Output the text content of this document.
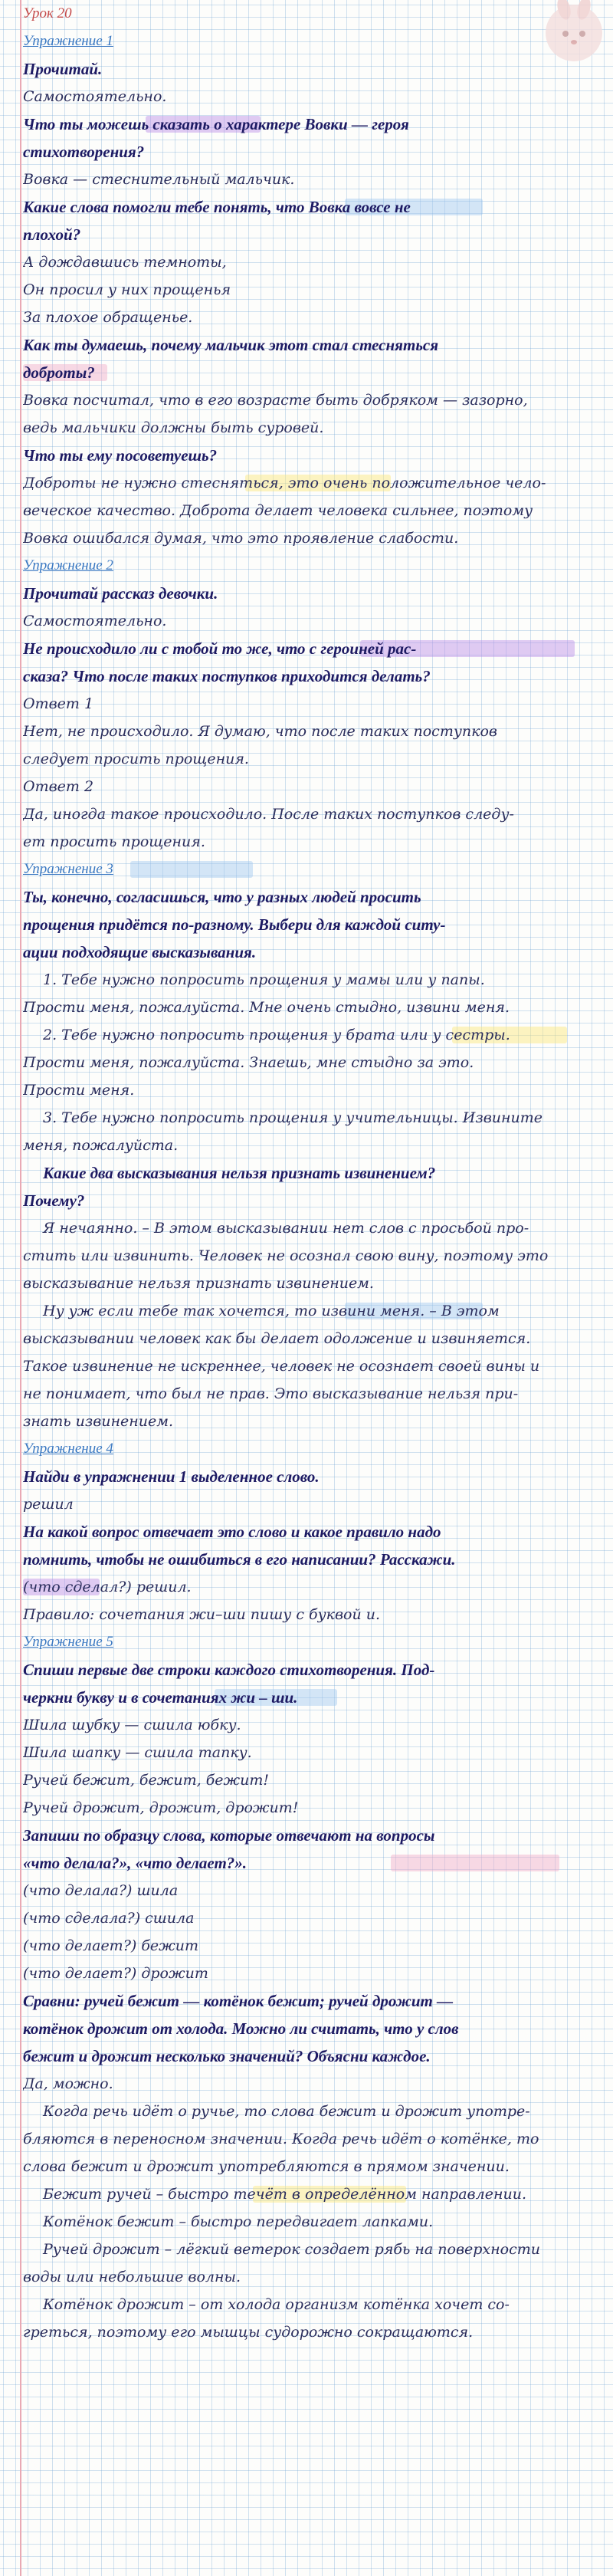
Урок 20
Упражнение 1
Прочитай.
Самостоятельно.
Что ты можешь сказать о характере Вовки — героя
стихотворения?
Вовка — стеснительный мальчик.
Какие слова помогли тебе понять, что Вовка вовсе не
плохой?
А дождавшись темноты,
Он просил у них прощенья
За плохое обращенье.
Как ты думаешь, почему мальчик этот стал стесняться
доброты?
Вовка посчитал, что в его возрасте быть добряком — зазорно,
ведь мальчики должны быть суровей.
Что ты ему посоветуешь?
Доброты не нужно стесняться, это очень положительное чело-
веческое качество. Доброта делает человека сильнее, поэтому
Вовка ошибался думая, что это проявление слабости.
Упражнение 2
Прочитай рассказ девочки.
Самостоятельно.
Не происходило ли с тобой то же, что с героиней рас-
сказа? Что после таких поступков приходится делать?
Ответ 1
Нет, не происходило. Я думаю, что после таких поступков
следует просить прощения.
Ответ 2
Да, иногда такое происходило. После таких поступков следу-
ет просить прощения.
Упражнение 3
Ты, конечно, согласишься, что у разных людей просить
прощения придётся по-разному. Выбери для каждой ситу-
ации подходящие высказывания.
1. Тебе нужно попросить прощения у мамы или у папы.
Прости меня, пожалуйста. Мне очень стыдно, извини меня.
2. Тебе нужно попросить прощения у брата или у сестры.
Прости меня, пожалуйста. Знаешь, мне стыдно за это.
Прости меня.
3. Тебе нужно попросить прощения у учительницы. Извините
меня, пожалуйста.
Какие два высказывания нельзя признать извинением?
Почему?
Я нечаянно. – В этом высказывании нет слов с просьбой про-
стить или извинить. Человек не осознал свою вину, поэтому это
высказывание нельзя признать извинением.
Ну уж если тебе так хочется, то извини меня. – В этом
высказывании человек как бы делает одолжение и извиняется.
Такое извинение не искреннее, человек не осознает своей вины и
не понимает, что был не прав. Это высказывание нельзя при-
знать извинением.
Упражнение 4
Найди в упражнении 1 выделенное слово.
решил
На какой вопрос отвечает это слово и какое правило надо
помнить, чтобы не ошибиться в его написании? Расскажи.
(что сделал?) решил.
Правило: сочетания жи–ши пишу с буквой и.
Упражнение 5
Спиши первые две строки каждого стихотворения. Под-
черкни букву и в сочетаниях жи – ши.
Шила шубку — сшила юбку.
Шила шапку — сшила тапку.
Ручей бежит, бежит, бежит!
Ручей дрожит, дрожит, дрожит!
Запиши по образцу слова, которые отвечают на вопросы
«что делала?», «что делает?».
(что делала?) шила
(что сделала?) сшила
(что делает?) бежит
(что делает?) дрожит
Сравни: ручей бежит — котёнок бежит; ручей дрожит —
котёнок дрожит от холода. Можно ли считать, что у слов
бежит и дрожит несколько значений? Объясни каждое.
Да, можно.
Когда речь идёт о ручье, то слова бежит и дрожит употре-
бляются в переносном значении. Когда речь идёт о котёнке, то
слова бежит и дрожит употребляются в прямом значении.
Бежит ручей – быстро течёт в определённом направлении.
Котёнок бежит – быстро передвигает лапками.
Ручей дрожит – лёгкий ветерок создает рябь на поверхности
воды или небольшие волны.
Котёнок дрожит – от холода организм котёнка хочет со-
греться, поэтому его мышцы судорожно сокращаются.
